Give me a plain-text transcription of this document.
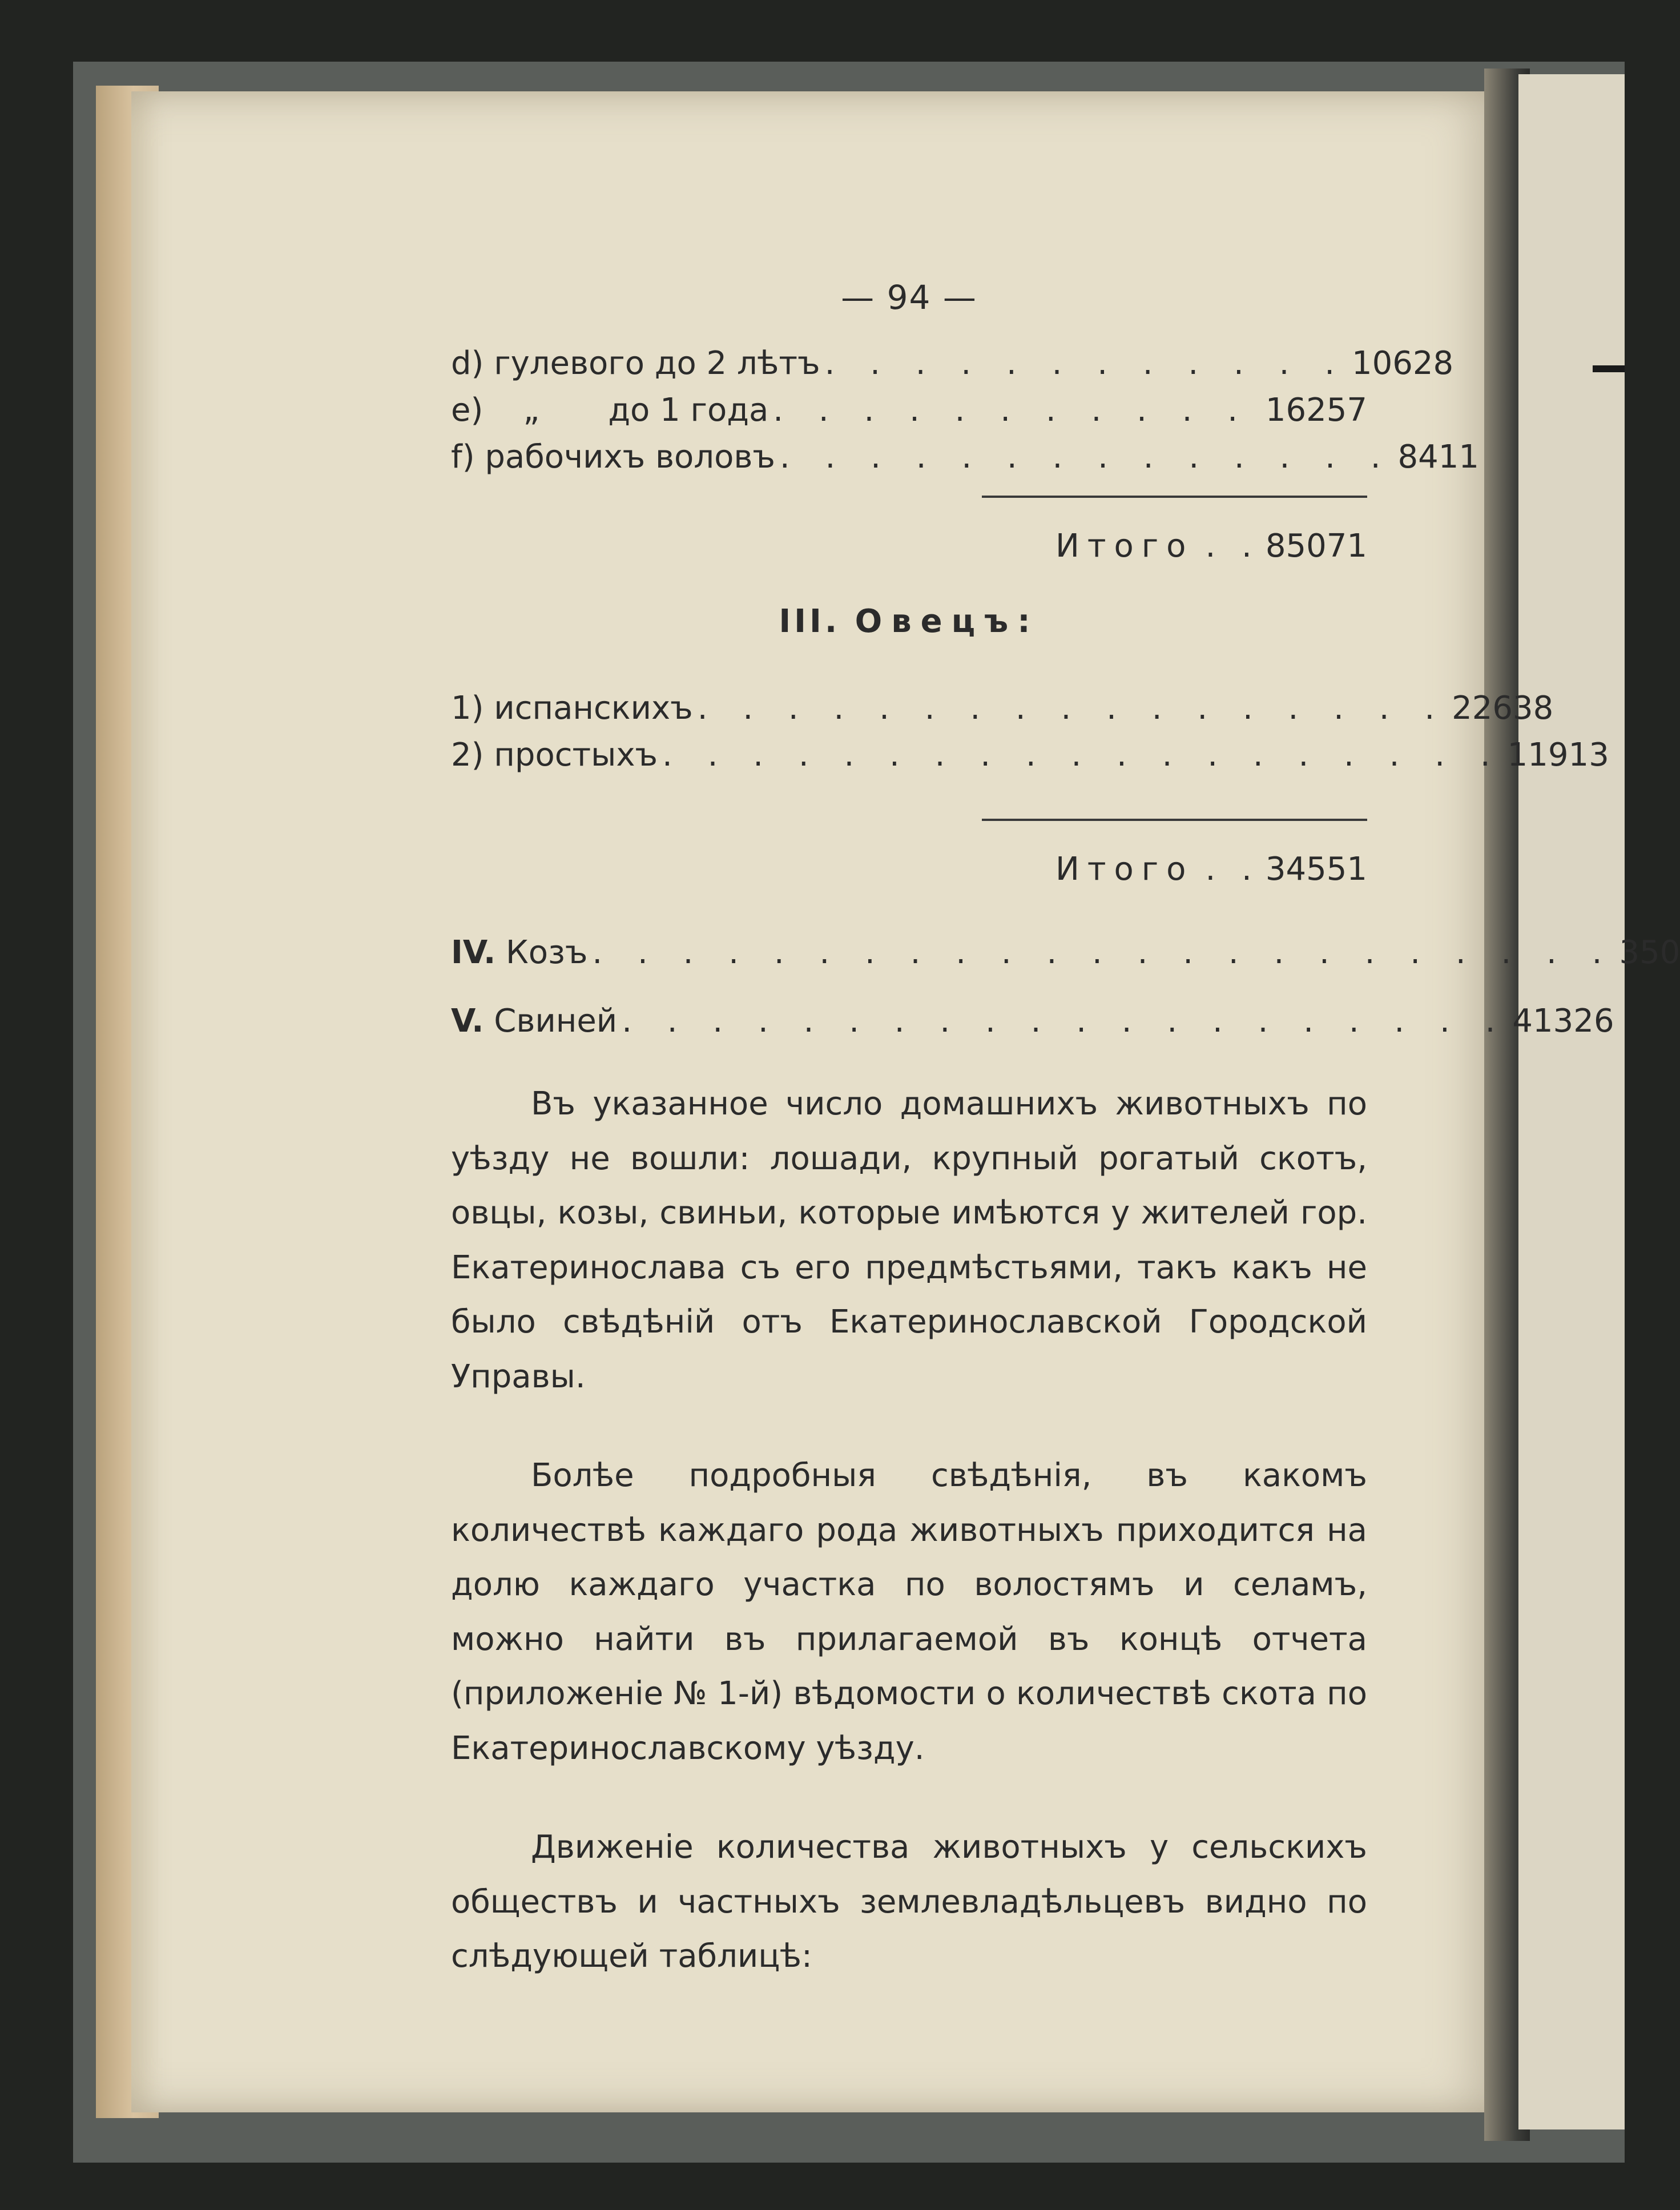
— 94 —
d) гулевого до 2 лѣтъ . . . . . . . . . . . . 10628
e) „ до 1 года . . . . . . . . . . . 16257
f) рабочихъ воловъ . . . . . . . . . . . . . . 8411
Итого . . 85071
III. Овецъ:
1) испанскихъ . . . . . . . . . . . . . . . . . 22638
2) простыхъ . . . . . . . . . . . . . . . . . . . 11913
Итого . . 34551
IV. Козъ . . . . . . . . . . . . . . . . . . . . . . . 350
V. Свиней . . . . . . . . . . . . . . . . . . . . 41326

Въ указанное число домашнихъ животныхъ по уѣзду не вошли: лошади, крупный рогатый скотъ, овцы, козы, свиньи, которые имѣются у жителей гор. Екатеринослава съ его предмѣстьями, такъ какъ не было свѣдѣній отъ Екатеринославской Городской Управы.

Болѣе подробныя свѣдѣнія, въ какомъ количествѣ каждаго рода животныхъ приходится на долю каждаго участка по волостямъ и селамъ, можно найти въ прилагаемой въ концѣ отчета (приложеніе № 1-й) вѣдомости о количествѣ скота по Екатеринославскому уѣзду.

Движеніе количества животныхъ у сельскихъ обществъ и частныхъ землевладѣльцевъ видно по слѣдующей таблицѣ:
